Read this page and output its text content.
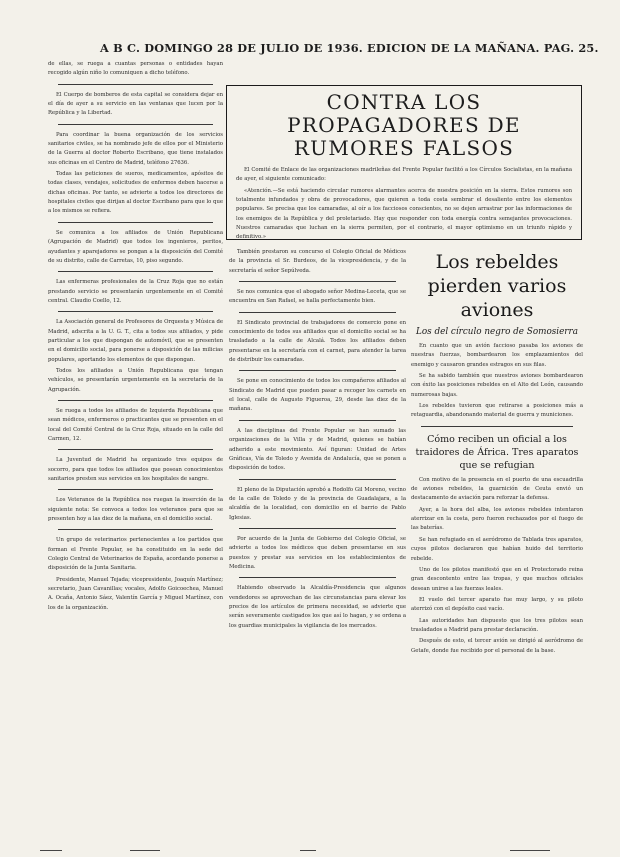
A B C. DOMINGO 28 DE JULIO DE 1936. EDICION DE LA MAÑANA. PAG. 25.

de ellas, se ruega a cuantas personas o entidades hayan recogido algún niño lo comuniquen a dicho teléfono.

El Cuerpo de bomberos de esta capital se considera dejar en el día de ayer a su servicio en las ventanas que lucen por la República y la Libertad.

Para coordinar la buena organización de los servicios sanitarios civiles, se ha nombrado jefe de ellos por el Ministerio de la Guerra al doctor Roberto Escribano, que tiene instalados sus oficinas en el Centro de Madrid, teléfono 27636.

Todas las peticiones de sueros, medicamentos, apósitos de todas clases, vendajes, solicitudes de enfermos deben hacerse a dichas oficinas. Por tanto, se advierte a todos los directores de hospitales civiles que dirijan al doctor Escribano para que lo que a los mismos se refiera.

Se comunica a los afiliados de Unión Republicana (Agrupación de Madrid) que todos los ingenieros, peritos, ayudantes y aparejadores se pongan a la disposición del Comité de su distrito, calle de Carretas, 10, piso segundo.

Las enfermeras profesionales de la Cruz Roja que no están prestando servicio se presentarán urgentemente en el Comité central. Claudio Coello, 12.

La Asociación general de Profesores de Orquesta y Música de Madrid, adscrita a la U. G. T., cita a todos sus afiliados, y pide particular a los que dispongan de automóvil, que se presenten en el domicilio social, para ponerse a disposición de las milicias populares, aportando los elementos de que dispongan.

Todos los afiliados a Unión Republicana que tengan vehículos, se presentarán urgentemente en la secretaría de la Agrupación.

Se ruega a todos los afiliados de Izquierda Republicana que sean médicos, enfermeros o practicantes que se presenten en el local del Comité Central de la Cruz Roja, situado en la calle del Carmen, 12.

La Juventud de Madrid ha organizado tres equipos de socorro, para que todos los afiliados que posean conocimientos sanitarios presten sus servicios en los hospitales de sangre.

Los Veteranos de la República nos ruegan la inserción de la siguiente nota: Se convoca a todos los veteranos para que se presenten hoy a las diez de la mañana, en el domicilio social.

Un grupo de veterinarios pertenecientes a los partidos que forman el Frente Popular, se ha constituido en la sede del Colegio Central de Veterinarios de España, acordando ponerse a disposición de la Junta Sanitaria.

Presidente, Manuel Tejada; vicepresidente, Joaquín Martínez; secretario, Juan Cavanillas; vocales, Adolfo Goicoechea, Manuel A. Ocaña, Antonio Sáez, Valentín García y Miguel Martínez, con los de la organización.

CONTRA LOS PROPAGADORES DE
RUMORES FALSOS

El Comité de Enlace de las organizaciones madrileñas del Frente Popular facilitó a los Círculos Socialistas, en la mañana de ayer, el siguiente comunicado:

«Atención.—Se está haciendo circular rumores alarmantes acerca de nuestra posición en la sierra. Estos rumores son totalmente infundados y obra de provocadores, que quieren a toda costa sembrar el desaliento entre los elementos populares. Se precisa que los camaradas, al oír a los facciosos conscientes, no se dejen arrastrar por las informaciones de los enemigos de la República y del proletariado. Hay que responder con toda energía contra semejantes provocaciones. Nuestros camaradas que luchan en la sierra permiten, por el contrario, el mayor optimismo en un triunfo rápido y definitivo.»

También prestaron su concurso el Colegio Oficial de Médicos de la provincia el Sr. Burdeos, de la vicepresidencia, y de la secretaría el señor Sepúlveda.

Se nos comunica que el abogado señor Medina-Leceta, que se encuentra en San Rafael, se halla perfectamente bien.

El Sindicato provincial de trabajadores de comercio pone en conocimiento de todos sus afiliados que el domicilio social se ha trasladado a la calle de Alcalá. Todos los afiliados deben presentarse en la secretaría con el carnet, para atender la tarea de distribuir los camaradas.

Se pone en conocimiento de todos los compañeros afiliados al Sindicato de Madrid que pueden pasar a recoger los carnets en el local, calle de Augusto Figueroa, 29, desde las diez de la mañana.

A las disciplinas del Frente Popular se han sumado las organizaciones de la Villa y de Madrid, quienes se habían adherido a este movimiento. Así figuran: Unidad de Artes Gráficas, Vía de Toledo y Avenida de Andalucía, que se ponen a disposición de todos.

El pleno de la Diputación aprobó a Rodolfo Gil Moreno, vecino de la calle de Toledo y de la provincia de Guadalajara, a la alcaldía de la localidad, con domicilio en el barrio de Pablo Iglesias.

Por acuerdo de la Junta de Gobierno del Colegio Oficial, se advierte a todos los médicos que deben presentarse en sus puestos y prestar sus servicios en los establecimientos de Medicina.

Habiendo observado la Alcaldía-Presidencia que algunos vendedores se aprovechan de las circunstancias para elevar los precios de los artículos de primera necesidad, se advierte que serán severamente castigados los que así lo hagan, y se ordena a los guardias municipales la vigilancia de los mercados.

Los rebeldes pierden varios aviones
Los del círculo negro de Somosierra

En cuanto que un avión faccioso pasaba los aviones de nuestras fuerzas, bombardearon los emplazamientos del enemigo y causaron grandes estragos en sus filas.

Se ha sabido también que nuestros aviones bombardearon con éxito las posiciones rebeldes en el Alto del León, causando numerosas bajas.

Los rebeldes tuvieron que retirarse a posiciones más a retaguardia, abandonando material de guerra y municiones.

Cómo reciben un oficial a los traidores de África. Tres aparatos que se refugian

Con motivo de la presencia en el puerto de una escuadrilla de aviones rebeldes, la guarnición de Ceuta envió un destacamento de aviación para reforzar la defensa.

Ayer, a la hora del alba, los aviones rebeldes intentaron aterrizar en la costa, pero fueron rechazados por el fuego de las baterías.

Se han refugiado en el aeródromo de Tablada tres aparatos, cuyos pilotos declararon que habían huido del territorio rebelde.

Uno de los pilotos manifestó que en el Protectorado reina gran descontento entre las tropas, y que muchos oficiales desean unirse a las fuerzas leales.

El vuelo del tercer aparato fue muy largo, y su piloto aterrizó con el depósito casi vacío.

Las autoridades han dispuesto que los tres pilotos sean trasladados a Madrid para prestar declaración.

Después de esto, el tercer avión se dirigió al aeródromo de Getafe, donde fue recibido por el personal de la base.
